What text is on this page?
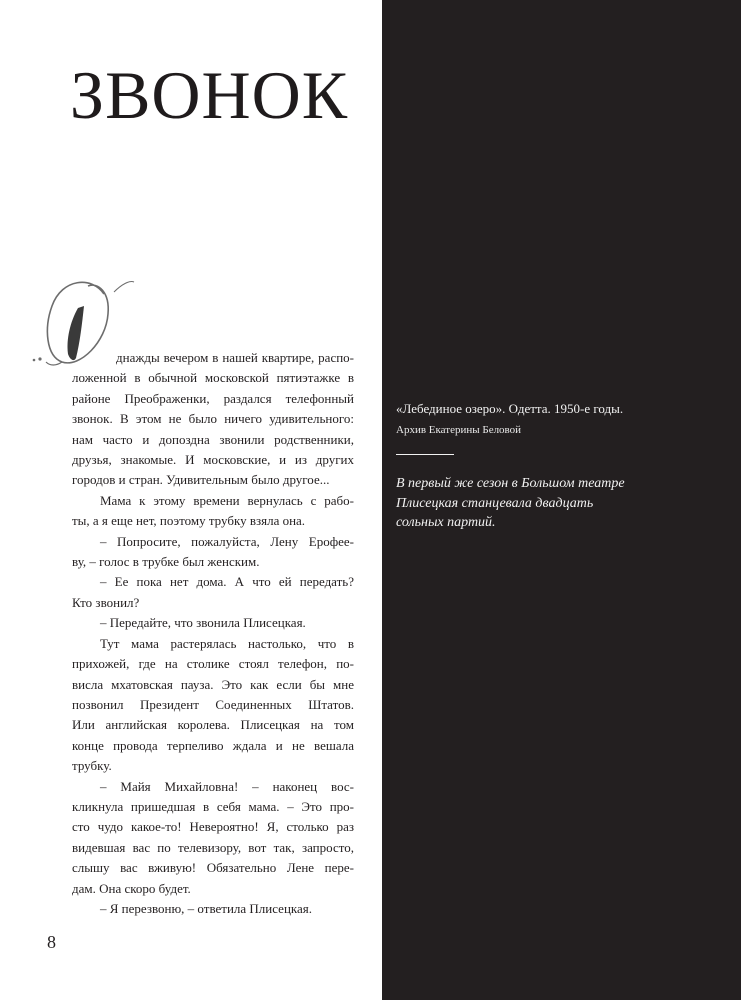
ЗВОНОК
днажды вечером в нашей квартире, распо-
ложенной в обычной московской пятиэтажке в
районе Преображенки, раздался телефонный
звонок. В этом не было ничего удивительного:
нам часто и допоздна звонили родственники,
друзья, знакомые. И московские, и из других
городов и стран. Удивительным было другое...
Мама к этому времени вернулась с рабо-
ты, а я еще нет, поэтому трубку взяла она.
– Попросите, пожалуйста, Лену Ерофее-
ву, – голос в трубке был женским.
– Ее пока нет дома. А что ей передать?
Кто звонил?
– Передайте, что звонила Плисецкая.
Тут мама растерялась настолько, что в
прихожей, где на столике стоял телефон, по-
висла мхатовская пауза. Это как если бы мне
позвонил Президент Соединенных Штатов.
Или английская королева. Плисецкая на том
конце провода терпеливо ждала и не вешала
трубку.
– Майя Михайловна! – наконец вос-
кликнула пришедшая в себя мама. – Это про-
сто чудо какое-то! Невероятно! Я, столько раз
видевшая вас по телевизору, вот так, запросто,
слышу вас вживую! Обязательно Лене пере-
дам. Она скоро будет.
– Я перезвоню, – ответила Плисецкая.
8
«Лебединое озеро». Одетта. 1950-е годы.
Архив Екатерины Беловой
В первый же сезон в Большом театре
Плисецкая станцевала двадцать
сольных партий.
